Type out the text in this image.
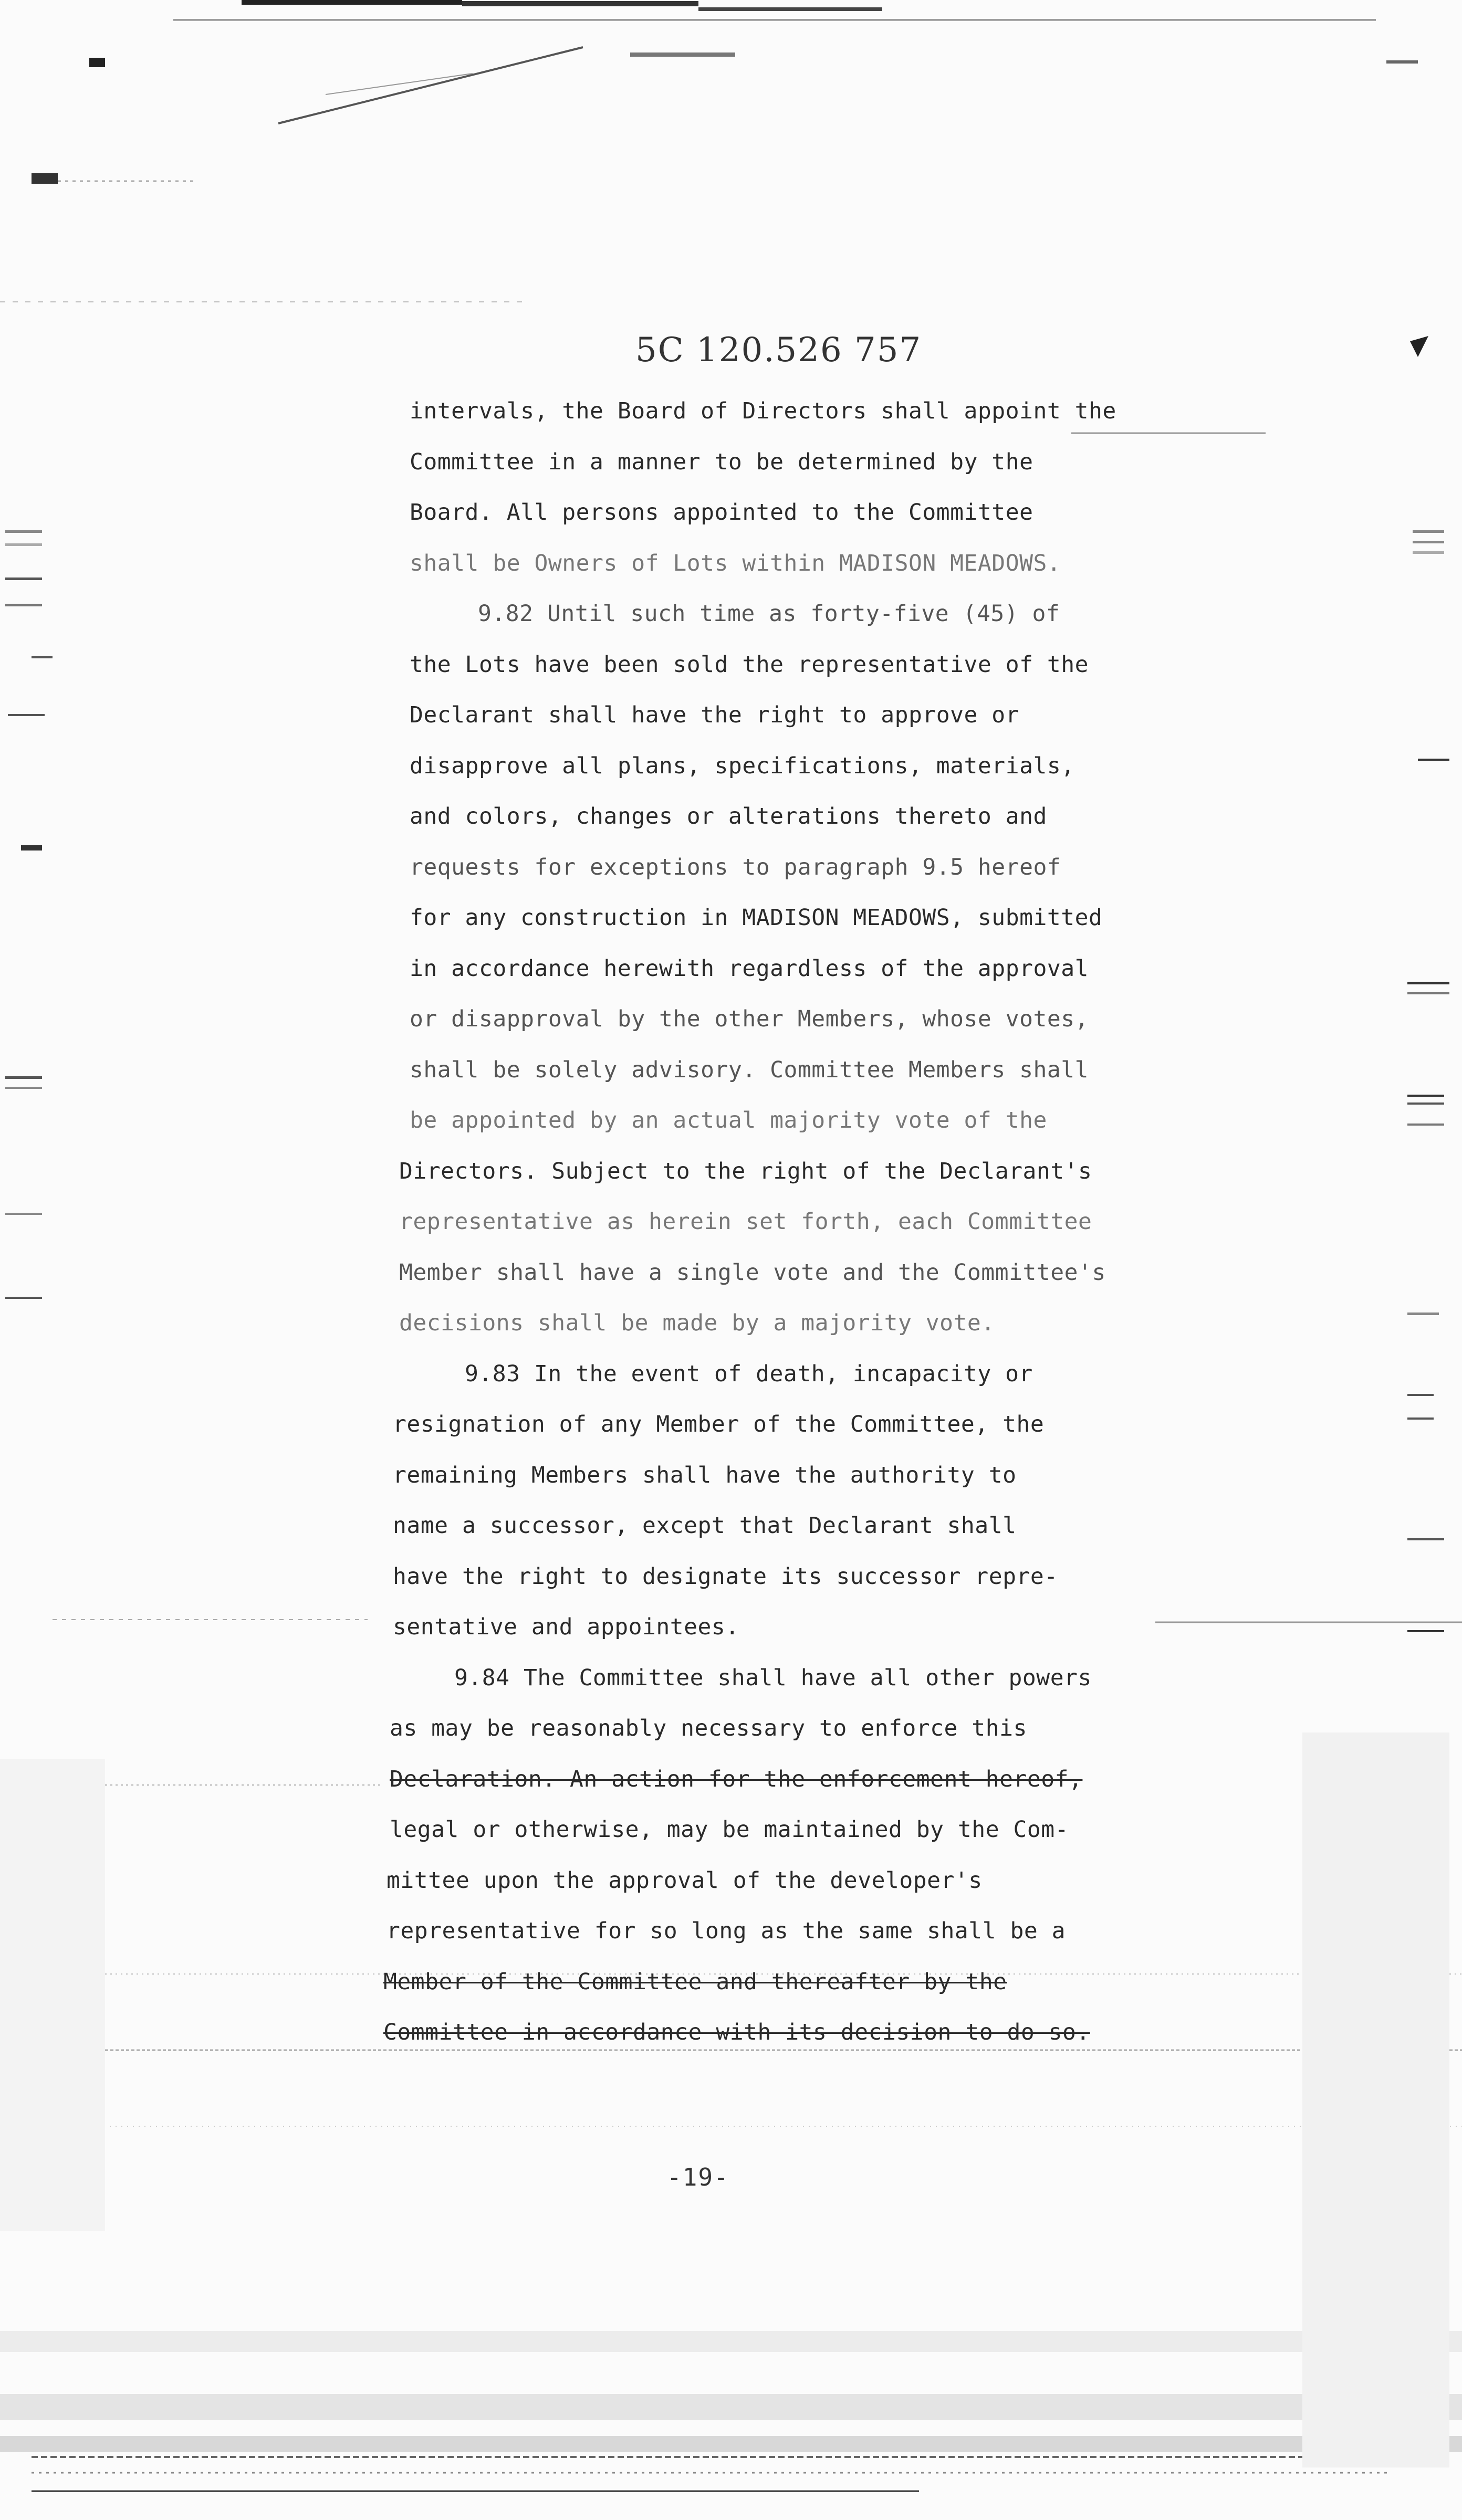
5C 120.526 757
intervals, the Board of Directors shall appoint the
Committee in a manner to be determined by the
Board. All persons appointed to the Committee
shall be Owners of Lots within MADISON MEADOWS.
9.82 Until such time as forty-five (45) of
the Lots have been sold the representative of the
Declarant shall have the right to approve or
disapprove all plans, specifications, materials,
and colors, changes or alterations thereto and
requests for exceptions to paragraph 9.5 hereof
for any construction in MADISON MEADOWS, submitted
in accordance herewith regardless of the approval
or disapproval by the other Members, whose votes,
shall be solely advisory. Committee Members shall
be appointed by an actual majority vote of the
Directors. Subject to the right of the Declarant's
representative as herein set forth, each Committee
Member shall have a single vote and the Committee's
decisions shall be made by a majority vote.
9.83 In the event of death, incapacity or
resignation of any Member of the Committee, the
remaining Members shall have the authority to
name a successor, except that Declarant shall
have the right to designate its successor repre-
sentative and appointees.
9.84 The Committee shall have all other powers
as may be reasonably necessary to enforce this
Declaration. An action for the enforcement hereof,
legal or otherwise, may be maintained by the Com-
mittee upon the approval of the developer's
representative for so long as the same shall be a
Member of the Committee and thereafter by the
Committee in accordance with its decision to do so.
-19-
